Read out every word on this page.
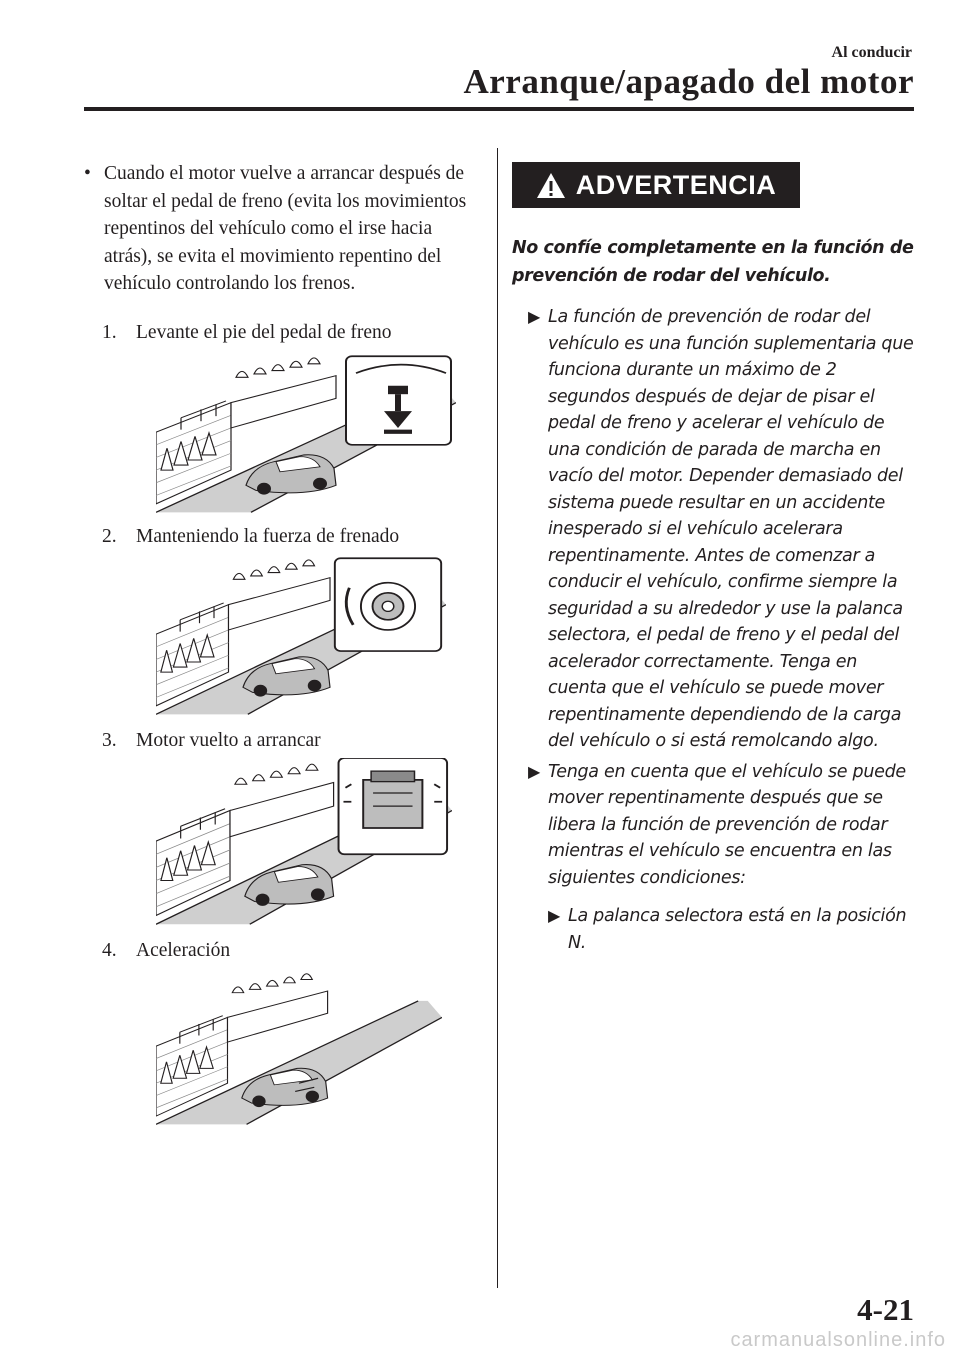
Al conducir
Arranque/apagado del motor
• Cuando el motor vuelve a arrancar después de soltar el pedal de freno (evita los movimientos repentinos del vehículo como el irse hacia atrás), se evita el movimiento repentino del vehículo controlando los frenos.
1. Levante el pie del pedal de freno
2. Manteniendo la fuerza de frenado
3. Motor vuelto a arrancar
4. Aceleración
ADVERTENCIA
No confíe completamente en la función de prevención de rodar del vehículo.
▶ La función de prevención de rodar del vehículo es una función suplementaria que funciona durante un máximo de 2 segundos después de dejar de pisar el pedal de freno y acelerar el vehículo de una condición de parada de marcha en vacío del motor. Depender demasiado del sistema puede resultar en un accidente inesperado si el vehículo acelerara repentinamente. Antes de comenzar a conducir el vehículo, confirme siempre la seguridad a su alrededor y use la palanca selectora, el pedal de freno y el pedal del acelerador correctamente. Tenga en cuenta que el vehículo se puede mover repentinamente dependiendo de la carga del vehículo o si está remolcando algo.
▶ Tenga en cuenta que el vehículo se puede mover repentinamente después que se libera la función de prevención de rodar mientras el vehículo se encuentra en las siguientes condiciones:
▶ La palanca selectora está en la posición N.
4-21
carmanualsonline.info
